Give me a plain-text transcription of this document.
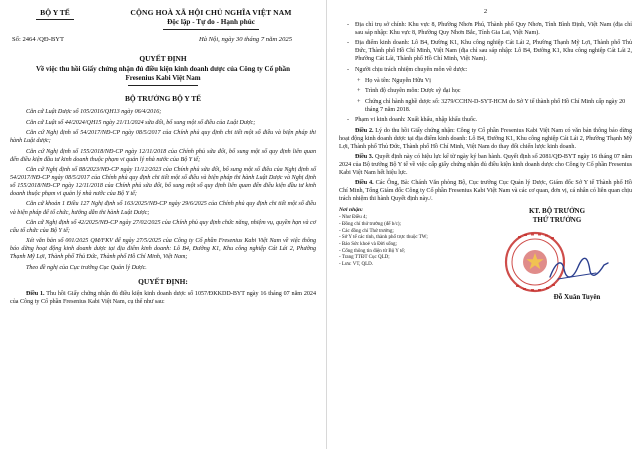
BỘ Y TẾ	CỘNG HOÀ XÃ HỘI CHỦ NGHĨA VIỆT NAM
Độc lập - Tự do - Hạnh phúc
Số: 2464 /QĐ-BYT	Hà Nội, ngày 30 tháng 7 năm 2025
QUYẾT ĐỊNH
Về việc thu hồi Giấy chứng nhận đủ điều kiện kinh doanh dược của Công ty Cổ phần Fresenius Kabi Việt Nam
BỘ TRƯỞNG BỘ Y TẾ

Căn cứ Luật Dược số 105/2016/QH13 ngày 06/4/2016;

Căn cứ Luật số 44/2024/QH15 ngày 21/11/2024 sửa đổi, bổ sung một số điều của Luật Dược;

Căn cứ Nghị định số 54/2017/NĐ-CP ngày 08/5/2017 của Chính phủ quy định chi tiết một số điều và biện pháp thi hành Luật dược;

Căn cứ Nghị định số 155/2018/NĐ-CP ngày 12/11/2018 của Chính phủ sửa đổi, bổ sung một số quy định liên quan đến điều kiện đầu tư kinh doanh thuộc phạm vi quản lý nhà nước của Bộ Y tế;

Căn cứ Nghị định số 88/2023/NĐ-CP ngày 11/12/2023 của Chính phủ sửa đổi, bổ sung một số điều của Nghị định số 54/2017/NĐ-CP ngày 08/5/2017 của Chính phủ quy định chi tiết một số điều và biện pháp thi hành Luật Dược và Nghị định số 155/2018/NĐ-CP ngày 12/11/2018 của Chính phủ sửa đổi, bổ sung một số quy định liên quan đến điều kiện đầu tư kinh doanh thuộc phạm vi quản lý nhà nước của Bộ Y tế;

Căn cứ khoản 1 Điều 127 Nghị định số 163/2025/NĐ-CP ngày 29/6/2025 của Chính phủ quy định chi tiết một số điều và biện pháp để tổ chức, hướng dẫn thi hành Luật Dược;

Căn cứ Nghị định số 42/2025/NĐ-CP ngày 27/02/2025 của Chính phủ quy định chức năng, nhiệm vụ, quyền hạn và cơ cấu tổ chức của Bộ Y tế;

Xét văn bản số 001/2025 QM/FKV để ngày 27/5/2025 của Công ty Cổ phần Fresenius Kabi Việt Nam về việc thông báo dừng hoạt động kinh doanh dược tại địa điểm kinh doanh: Lô B4, Đường K1, Khu công nghiệp Cát Lái 2, Phường Thạnh Mỹ Lợi, Thành phố Thủ Đức, Thành phố Hồ Chí Minh, Việt Nam;

Theo đề nghị của Cục trưởng Cục Quản lý Dược.

QUYẾT ĐỊNH:

Điều 1. Thu hồi Giấy chứng nhận đủ điều kiện kinh doanh dược số 1057/ĐKKDD-BYT ngày 16 tháng 07 năm 2024 của Công ty Cổ phần Fresenius Kabi Việt Nam, cụ thể như sau:

2
- Địa chỉ trụ sở chính: Khu vực 8, Phường Nhơn Phú, Thành phố Quy Nhơn, Tỉnh Bình Định, Việt Nam (địa chỉ sau sáp nhập: Khu vực 8, Phường Quy Nhơn Bắc, Tỉnh Gia Lai, Việt Nam).
- Địa điểm kinh doanh: Lô B4, Đường K1, Khu công nghiệp Cát Lái 2, Phường Thạnh Mỹ Lợi, Thành phố Thủ Đức, Thành phố Hồ Chí Minh, Việt Nam (địa chỉ sau sáp nhập: Lô B4, Đường K1, Khu công nghiệp Cát Lái 2, Phường Cát Lái, Thành phố Hồ Chí Minh, Việt Nam).
- Người chịu trách nhiệm chuyên môn về dược:
+ Họ và tên: Nguyễn Hữu Vị
+ Trình độ chuyên môn: Dược sỹ đại học
+ Chứng chỉ hành nghề dược số: 3279/CCHN-D-SYT-HCM do Sở Y tế thành phố Hồ Chí Minh cấp ngày 20 tháng 7 năm 2018.
- Phạm vi kinh doanh: Xuất khẩu, nhập khẩu thuốc.

Điều 2. Lý do thu hồi Giấy chứng nhận: Công ty Cổ phần Fresenius Kabi Việt Nam có văn bản thông báo dừng hoạt động kinh doanh dược tại địa điểm kinh doanh: Lô B4, Đường K1, Khu công nghiệp Cát Lái 2, Phường Thạnh Mỹ Lợi, Thành phố Thủ Đức, Thành phố Hồ Chí Minh, Việt Nam do thay đổi chiến lược kinh doanh.

Điều 3. Quyết định này có hiệu lực kể từ ngày ký ban hành. Quyết định số 2081/QĐ-BYT ngày 16 tháng 07 năm 2024 của Bộ trưởng Bộ Y tế về việc cấp giấy chứng nhận đủ điều kiện kinh doanh dược cho Công ty Cổ phần Fresenius Kabi Việt Nam hết hiệu lực.

Điều 4. Các Ông, Bà: Chánh Văn phòng Bộ, Cục trưởng Cục Quản lý Dược, Giám đốc Sở Y tế Thành phố Hồ Chí Minh, Tổng Giám đốc Công ty Cổ phần Fresenius Kabi Việt Nam và các cơ quan, đơn vị, cá nhân có liên quan chịu trách nhiệm thi hành Quyết định này./.

Nơi nhận:
- Như Điều 4;
- Đồng chí thứ trưởng (để b/c);
- Các đồng chí Thứ trưởng;
- Sở Y tế các tỉnh, thành phố trực thuộc TW;
- Báo Sức khoẻ và Đời sống;
- Cổng thông tin điện tử Bộ Y tế;
- Trang TTĐT Cục QLD;
- Lưu: VT, QLD.
KT. BỘ TRƯỞNG
THỨ TRƯỞNG
Đỗ Xuân Tuyên
